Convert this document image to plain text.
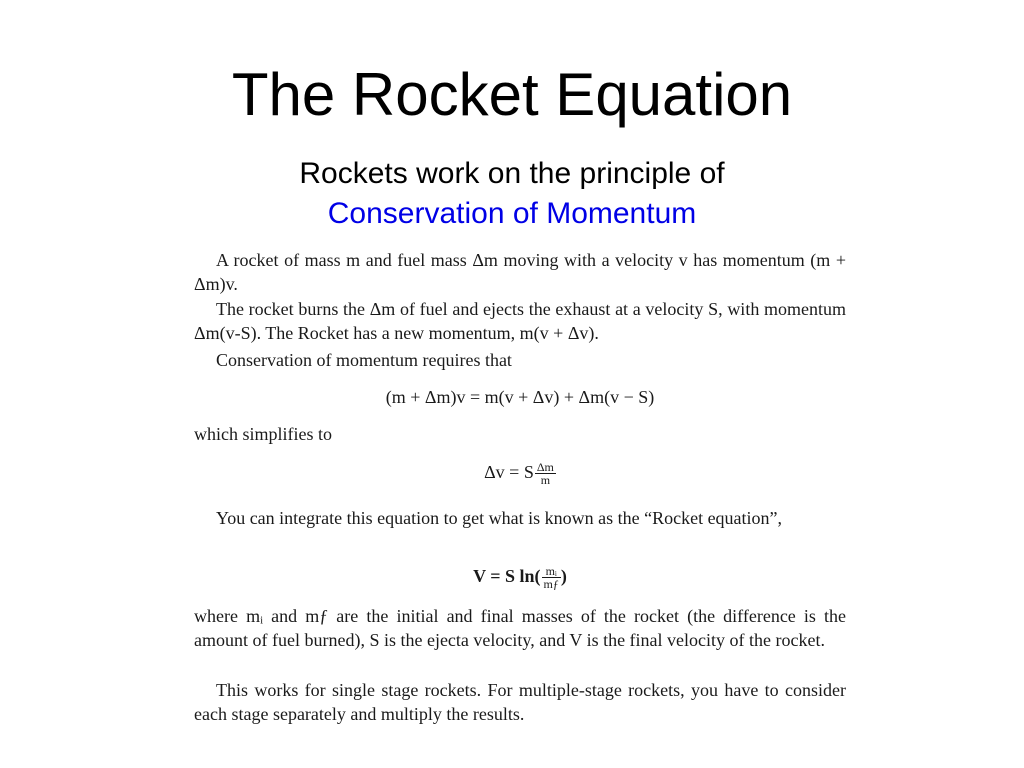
The Rocket Equation
Rockets work on the principle of
Conservation of Momentum
A rocket of mass m and fuel mass Δm moving with a velocity v has momentum (m + Δm)v.
The rocket burns the Δm of fuel and ejects the exhaust at a velocity S, with momentum Δm(v-S). The Rocket has a new momentum, m(v + Δv).
Conservation of momentum requires that
(m + Δm)v = m(v + Δv) + Δm(v − S)
which simplifies to
Δv = S $\frac{\Delta m}{m}$
You can integrate this equation to get what is known as the “Rocket equation”,
V = S $\ln( \frac{\text{mᵢ}}{mƒ}$ )
where mᵢ and mƒ are the initial and final masses of the rocket (the difference is the amount of fuel burned), S is the ejecta velocity, and V is the final velocity of the rocket.
This works for single stage rockets. For multiple-stage rockets, you have to consider each stage separately and multiply the results.
